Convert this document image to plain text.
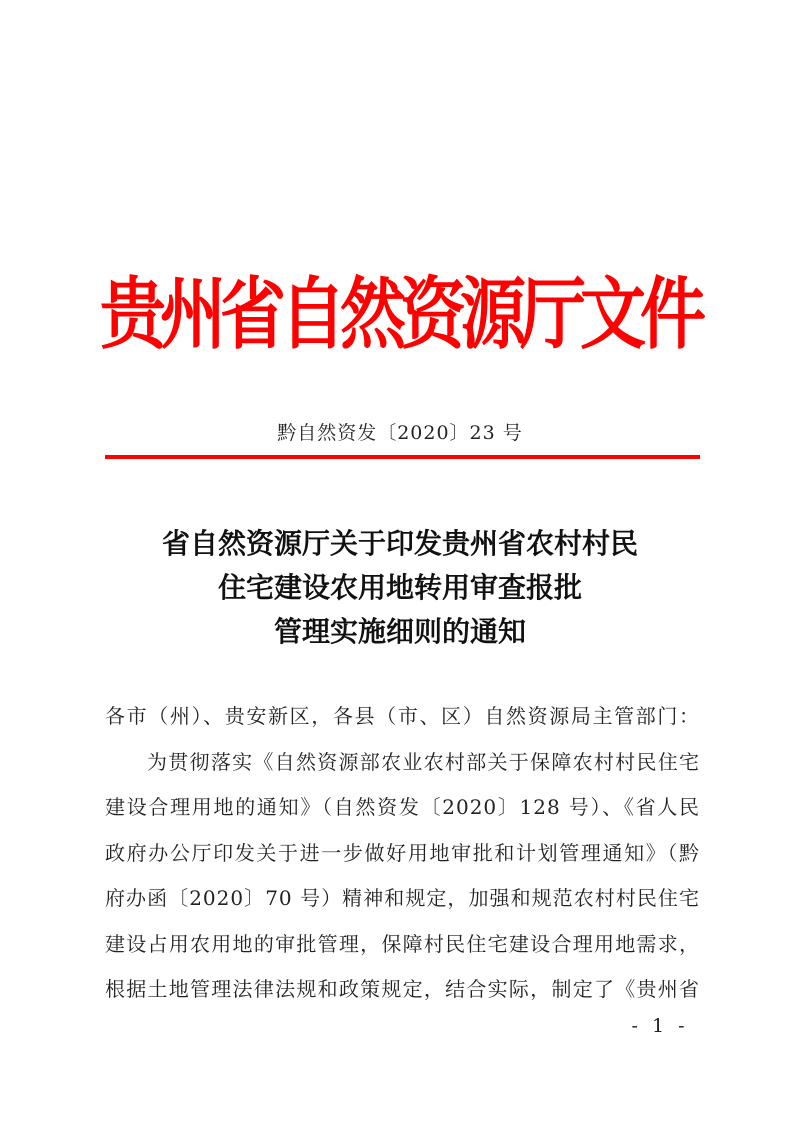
贵州省自然资源厅文件
黔自然资发〔2020〕23 号
省自然资源厅关于印发贵州省农村村民
住宅建设农用地转用审查报批
管理实施细则的通知
各市（州）、贵安新区，各县（市、区）自然资源局主管部门：
为贯彻落实《自然资源部农业农村部关于保障农村村民住宅
建设合理用地的通知》（自然资发〔2020〕128 号）、《省人民
政府办公厅印发关于进一步做好用地审批和计划管理通知》（黔
府办函〔2020〕70 号）精神和规定，加强和规范农村村民住宅
建设占用农用地的审批管理，保障村民住宅建设合理用地需求，
根据土地管理法律法规和政策规定，结合实际，制定了《贵州省
- 1 -
